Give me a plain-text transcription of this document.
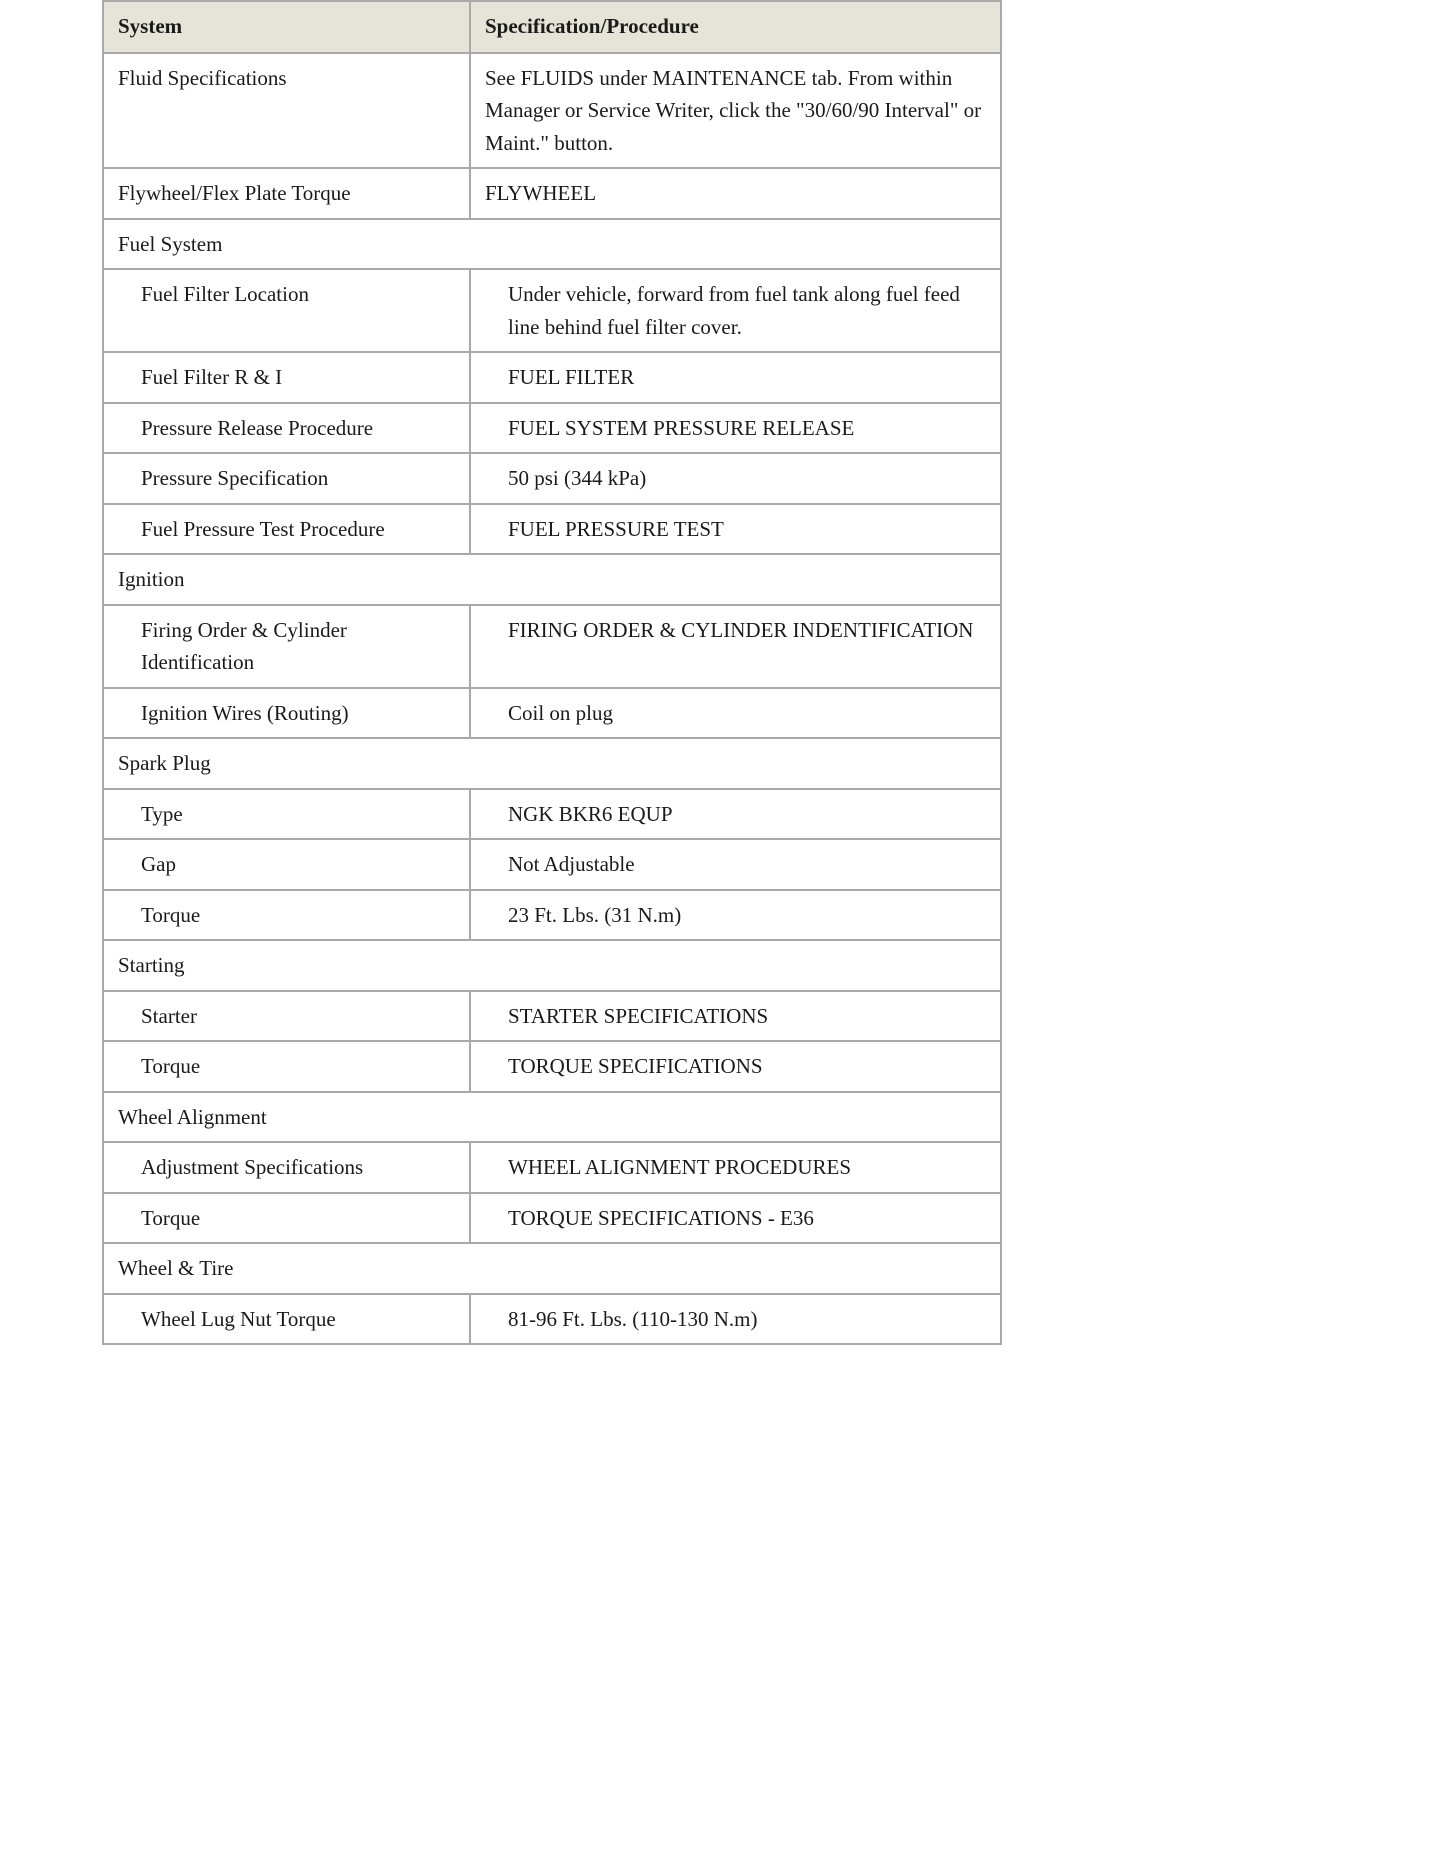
System	Specification/Procedure
Fluid Specifications	See FLUIDS under MAINTENANCE tab. From within Manager or Service Writer, click the "30/60/90 Interval" or Maint." button.
Flywheel/Flex Plate Torque	FLYWHEEL
Fuel System	
Fuel Filter Location	Under vehicle, forward from fuel tank along fuel feed line behind fuel filter cover.
Fuel Filter R & I	FUEL FILTER
Pressure Release Procedure	FUEL SYSTEM PRESSURE RELEASE
Pressure Specification	50 psi (344 kPa)
Fuel Pressure Test Procedure	FUEL PRESSURE TEST
Ignition	
Firing Order & Cylinder Identification	FIRING ORDER & CYLINDER INDENTIFICATION
Ignition Wires (Routing)	Coil on plug
Spark Plug	
Type	NGK BKR6 EQUP
Gap	Not Adjustable
Torque	23 Ft. Lbs. (31 N.m)
Starting	
Starter	STARTER SPECIFICATIONS
Torque	TORQUE SPECIFICATIONS
Wheel Alignment	
Adjustment Specifications	WHEEL ALIGNMENT PROCEDURES
Torque	TORQUE SPECIFICATIONS - E36
Wheel & Tire	
Wheel Lug Nut Torque	81-96 Ft. Lbs. (110-130 N.m)
